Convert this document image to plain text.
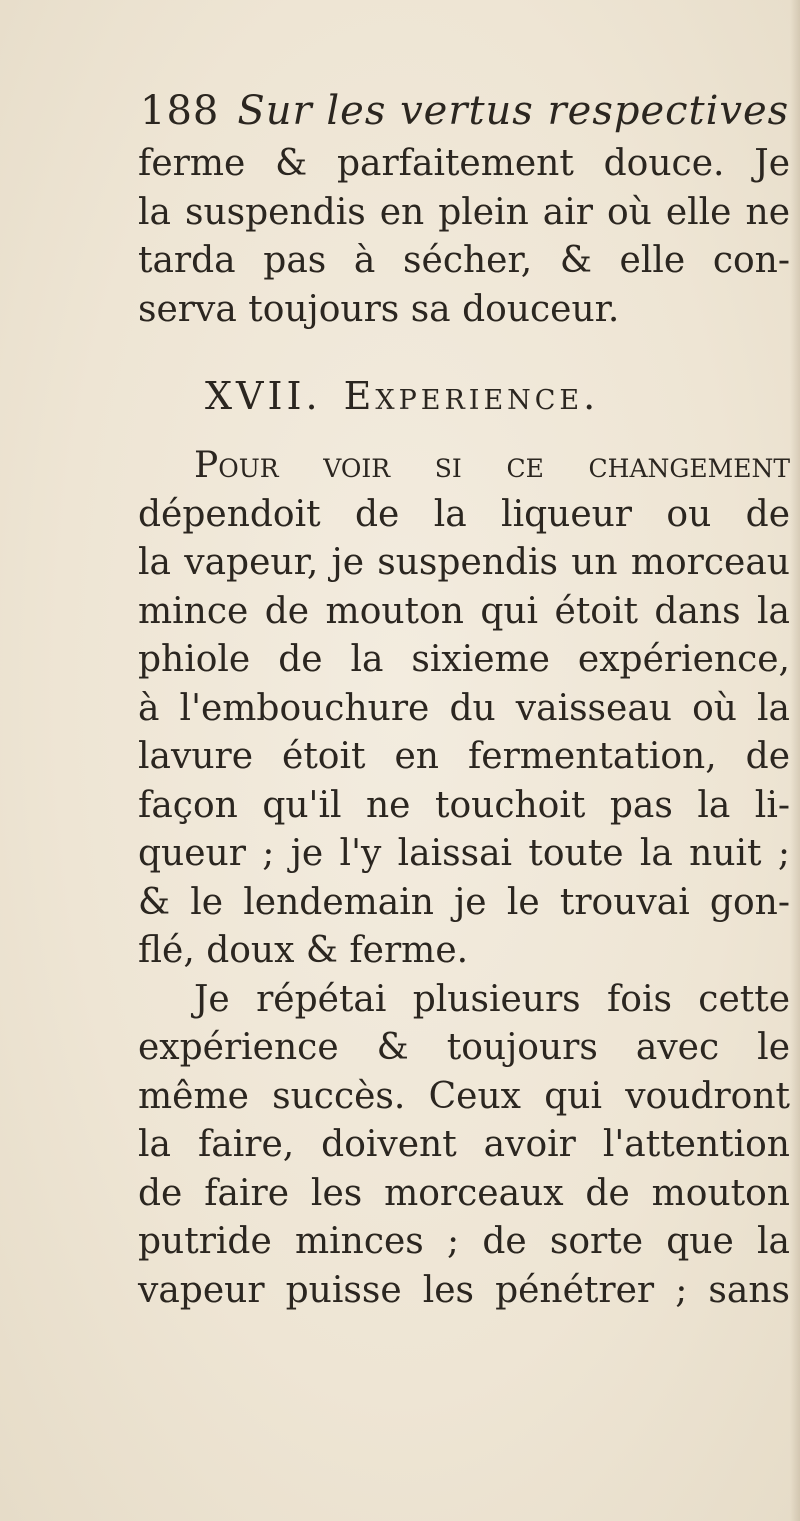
188 Sur les vertus respectives
ferme & parfaitement douce. Je
la suspendis en plein air où elle ne
tarda pas à sécher, & elle con-
serva toujours sa douceur.
XVII. Experience.
Pour voir si ce changement
dépendoit de la liqueur ou de
la vapeur, je suspendis un morceau
mince de mouton qui étoit dans la
phiole de la sixieme expérience,
à l'embouchure du vaisseau où la
lavure étoit en fermentation, de
façon qu'il ne touchoit pas la li-
queur ; je l'y laissai toute la nuit ;
& le lendemain je le trouvai gon-
flé, doux & ferme.
Je répétai plusieurs fois cette
expérience & toujours avec le
même succès. Ceux qui voudront
la faire, doivent avoir l'attention
de faire les morceaux de mouton
putride minces ; de sorte que la
vapeur puisse les pénétrer ; sans
